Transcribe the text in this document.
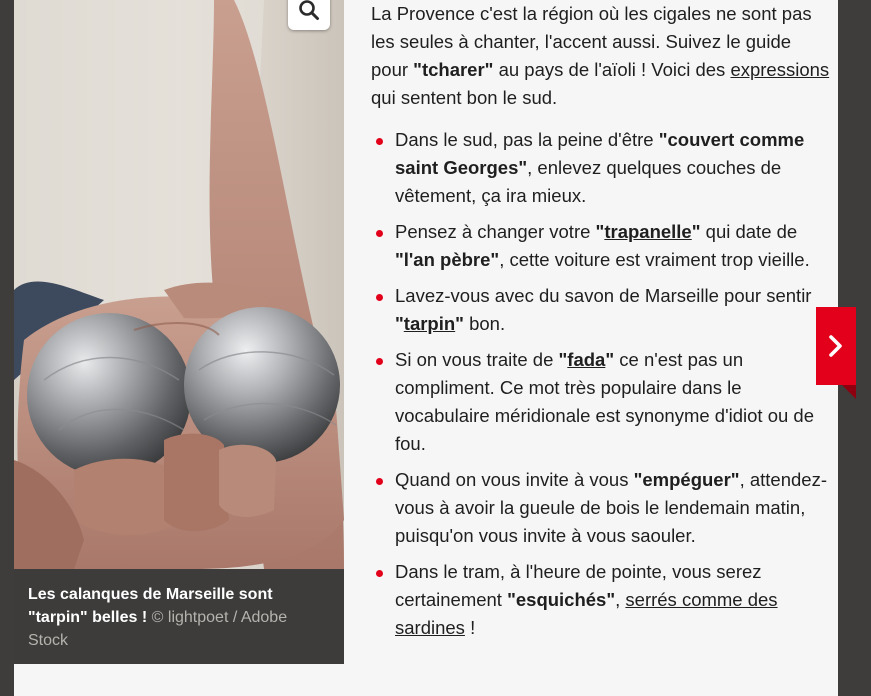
Les calanques de Marseille sont "tarpin" belles ! © lightpoet / Adobe Stock

La Provence c'est la région où les cigales ne sont pas les seules à chanter, l'accent aussi. Suivez le guide pour "tcharer" au pays de l'aïoli ! Voici des expressions qui sentent bon le sud.

Dans le sud, pas la peine d'être "couvert comme saint Georges", enlevez quelques couches de vêtement, ça ira mieux.
Pensez à changer votre "trapanelle" qui date de "l'an pèbre", cette voiture est vraiment trop vieille.
Lavez-vous avec du savon de Marseille pour sentir "tarpin" bon.
Si on vous traite de "fada" ce n'est pas un compliment. Ce mot très populaire dans le vocabulaire méridionale est synonyme d'idiot ou de fou.
Quand on vous invite à vous "empéguer", attendez-vous à avoir la gueule de bois le lendemain matin, puisqu'on vous invite à vous saouler.
Dans le tram, à l'heure de pointe, vous serez certainement "esquichés", serrés comme des sardines !
